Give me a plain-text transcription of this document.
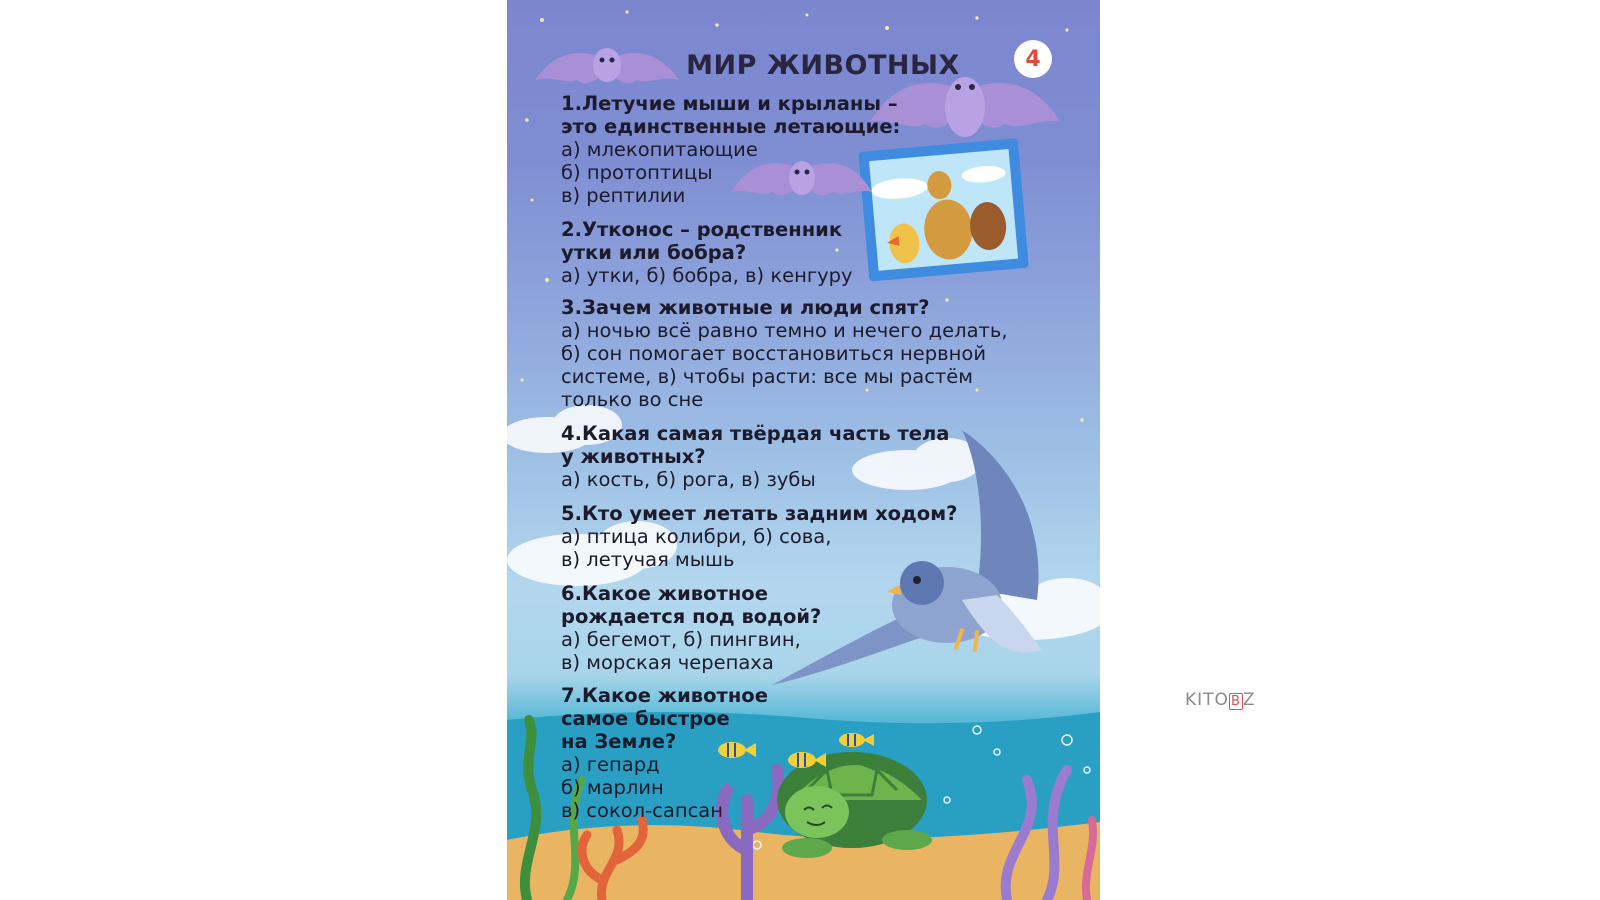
МИР ЖИВОТНЫХ	4
1.Летучие мыши и крыланы –
это единственные летающие:
а) млекопитающие
б) протоптицы
в) рептилии
2.Утконос – родственник
утки или бобра?
а) утки, б) бобра, в) кенгуру
3.Зачем животные и люди спят?
а) ночью всё равно темно и нечего делать,
б) сон помогает восстановиться нервной
системе, в) чтобы расти: все мы растём
только во сне
4.Какая самая твёрдая часть тела
у животных?
а) кость, б) рога, в) зубы
5.Кто умеет летать задним ходом?
а) птица колибри, б) сова,
в) летучая мышь
6.Какое животное
рождается под водой?
а) бегемот, б) пингвин,
в) морская черепаха
7.Какое животное
самое быстрое
на Земле?
а) гепард
б) марлин
в) сокол-сапсан
KITO B Z
